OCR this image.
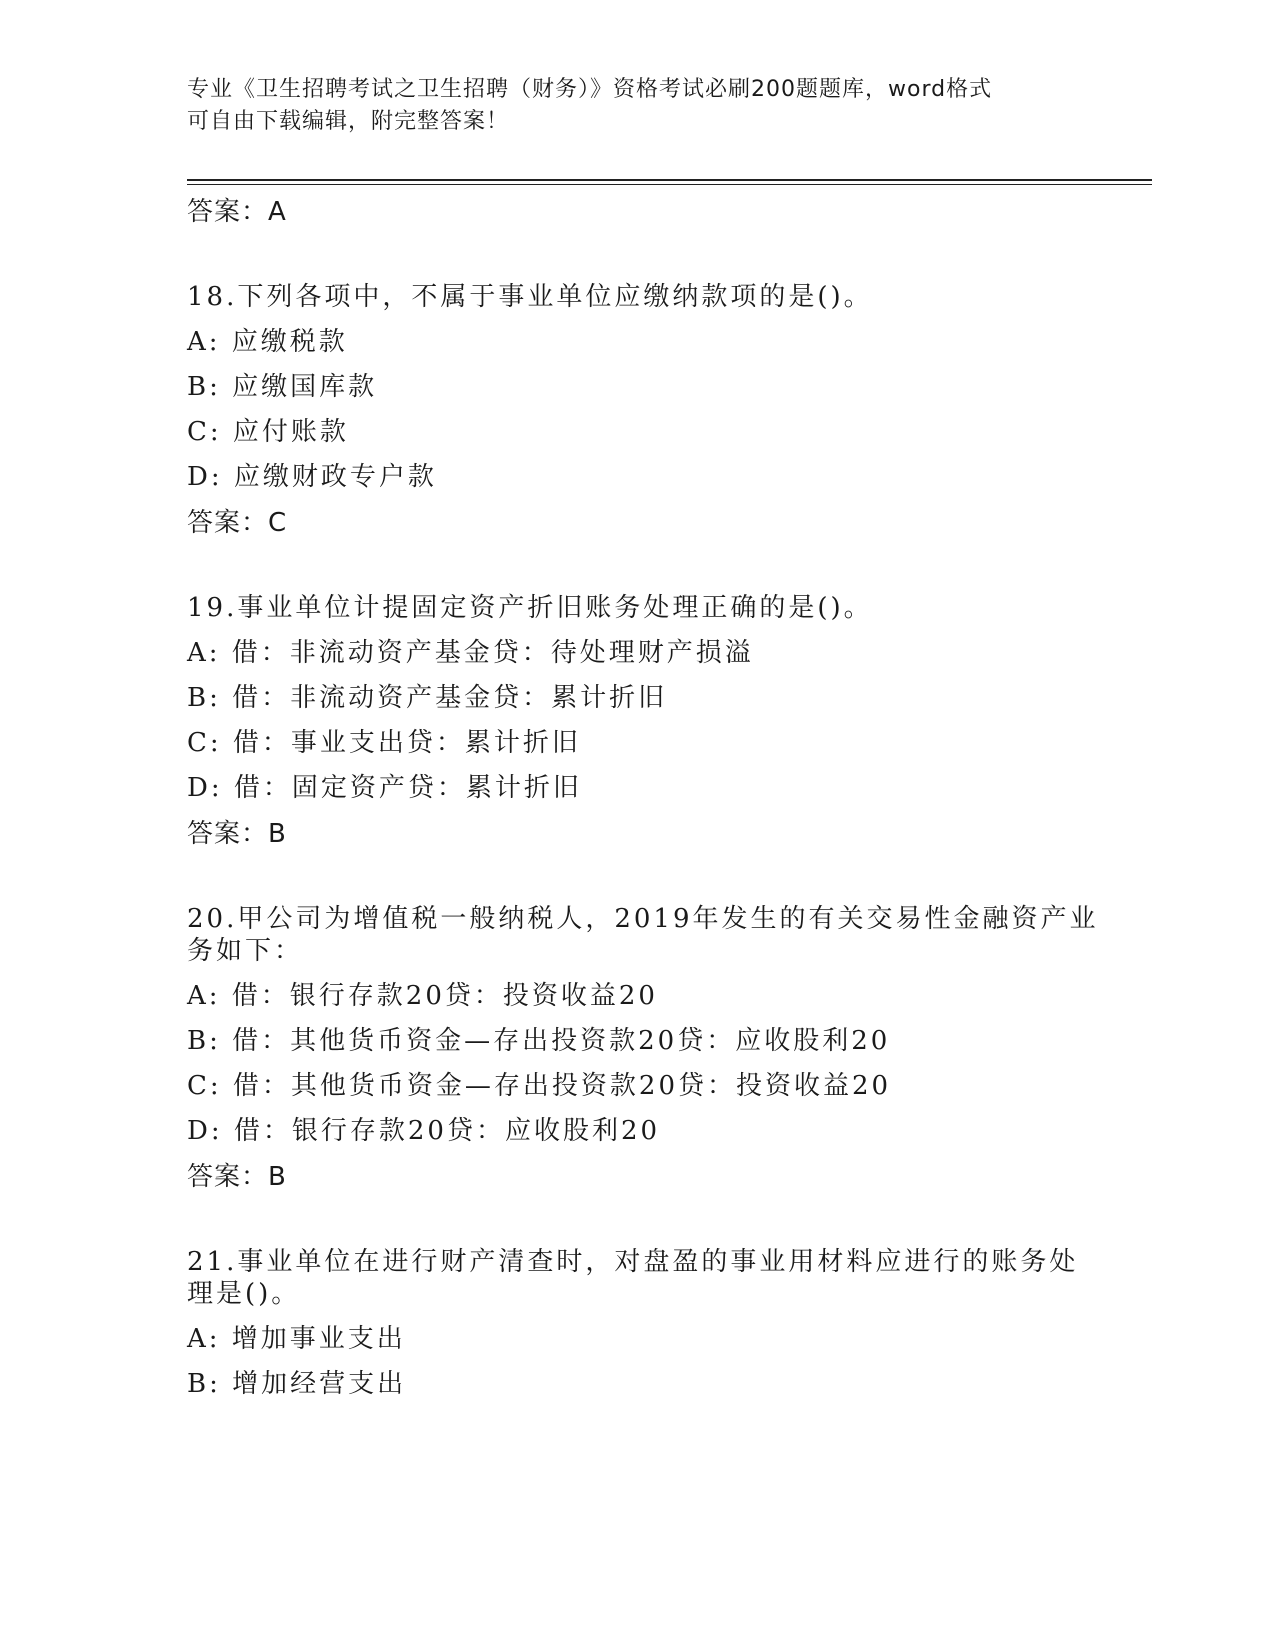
专业《卫生招聘考试之卫生招聘（财务）》资格考试必刷200题题库，word格式
可自由下载编辑，附完整答案！
答案：A
18.下列各项中，不属于事业单位应缴纳款项的是()。
A: 应缴税款
B: 应缴国库款
C: 应付账款
D: 应缴财政专户款
答案：C
19.事业单位计提固定资产折旧账务处理正确的是()。
A: 借：非流动资产基金贷：待处理财产损溢
B: 借：非流动资产基金贷：累计折旧
C: 借：事业支出贷：累计折旧
D: 借：固定资产贷：累计折旧
答案：B
20.甲公司为增值税一般纳税人，2019年发生的有关交易性金融资产业
务如下：
A: 借：银行存款20贷：投资收益20
B: 借：其他货币资金—存出投资款20贷：应收股利20
C: 借：其他货币资金—存出投资款20贷：投资收益20
D: 借：银行存款20贷：应收股利20
答案：B
21.事业单位在进行财产清查时，对盘盈的事业用材料应进行的账务处
理是()。
A: 增加事业支出
B: 增加经营支出
